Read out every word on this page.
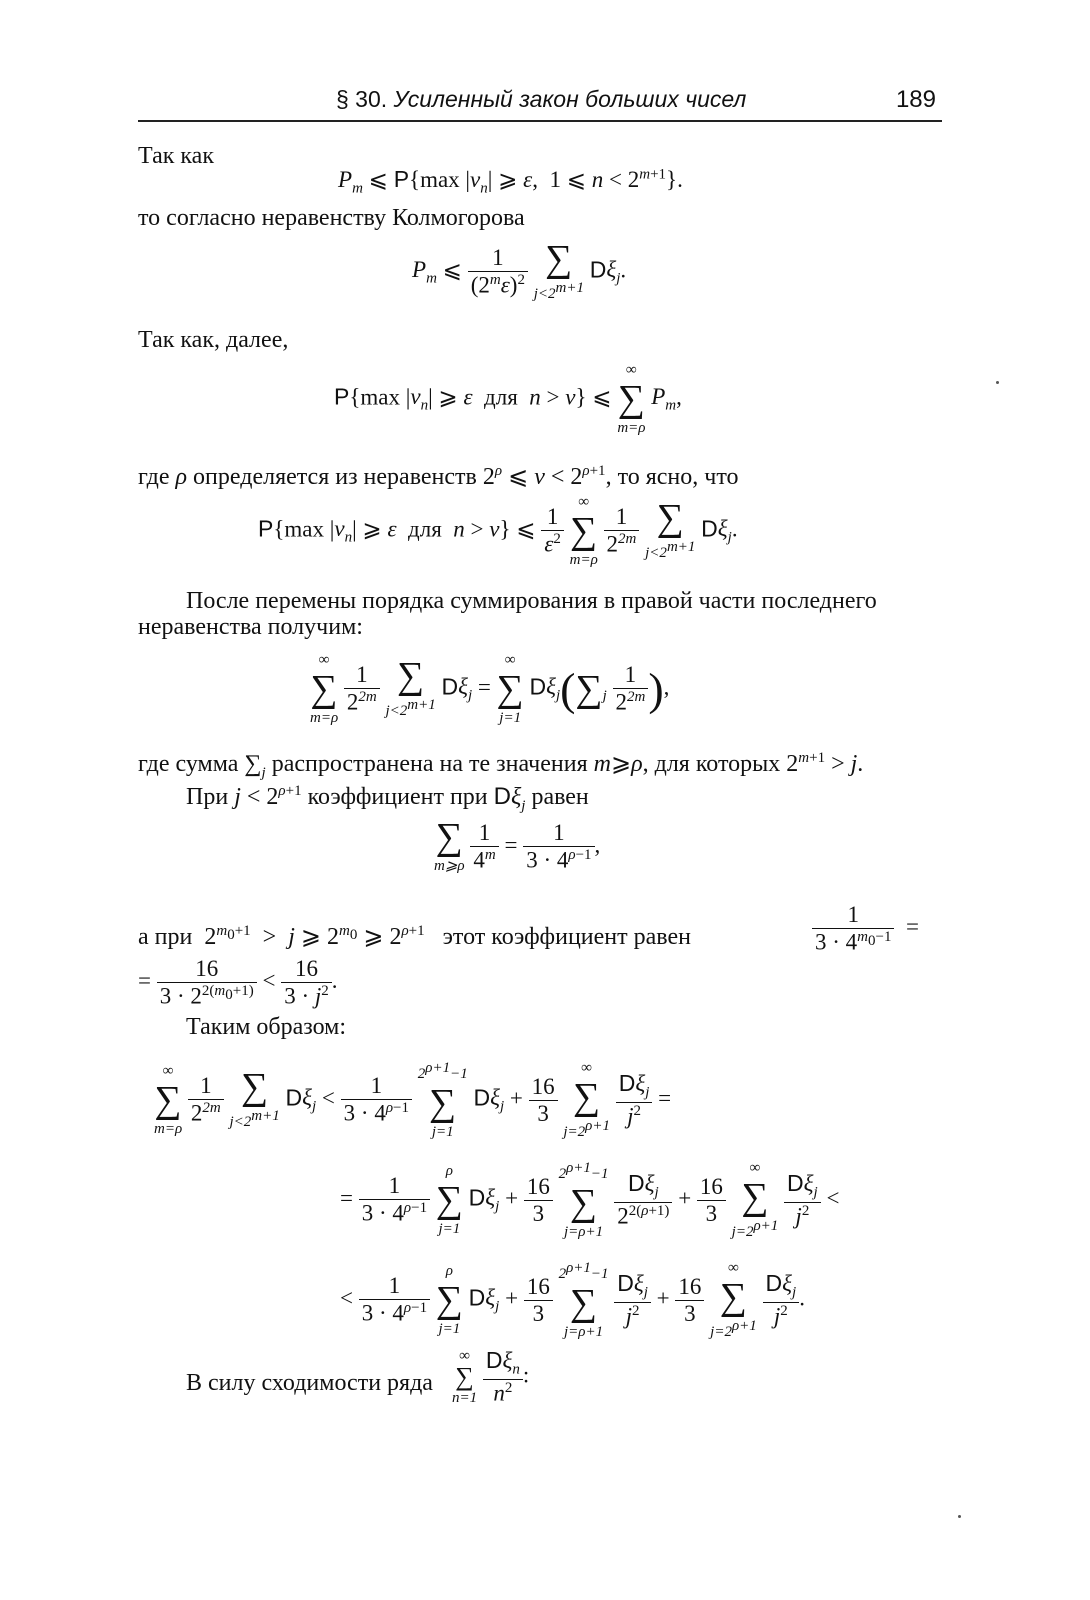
§ 30. Усиленный закон больших чисел	189
Так как
$P_m$ ⩽ P{max $|v_n|$ ⩾ ε,  1 ⩽ $n < 2^{m+1}$}.
то согласно неравенству Колмогорова
$P_m$ ⩽ $\frac{1}{(2^m\varepsilon)^2}$ ∑
$j<2^{m+1}$
$D\xi_j$.
Так как, далее,
P{max $|v_n|$ ⩾ ε для n > ν} ⩽
∞
∑
m=ρ
$P_m$,
где ρ определяется из неравенств $2^\rho$ ⩽ $\nu < 2^{\rho+1}$, то ясно, что
P{max $|v_n|$ ⩾ ε для n > ν} ⩽ $\frac{1}{\varepsilon^2}$

∞
∑
m=ρ

$\frac{1}{2^{2m}}$ ∑
$j<2^{m+1}$
$D\xi_j$.
После перемены порядка суммирования в правой части последнего
неравенства получим:
∞
∑
m=ρ

$\frac{1}{2^{2m}}$ ∑
$j<2^{m+1}$
$D\xi_j$ =
∞
∑
j=1
$D\xi_j(\sum_j \frac{1}{2^{2m}}$ ),
где сумма $\sum_j$ распространена на те значения m⩾ρ, для которых $2^{m+1} > j$.
При $j < 2^{\rho+1}$ коэффициент при $D\xi_j$ равен
∑
m⩾ρ
$\frac{1}{4^m} = \frac{1}{3 \cdot 4^{\rho-1}}$ ,
а при  $2^{m_0+1} > j$ ⩾ $2^{m_0}$ ⩾ $2^{\rho+1}$ этот коэффициент равен	$\frac{1}{3 \cdot 4^{m_0-1}}$ =
= $\frac{16}{3 \cdot 2^{2(m_0+1)}} < \frac{16}{3 \cdot j^2}$ .
Таким образом:
∞
∑
m=ρ

$\frac{1}{2^{2m}}$ ∑
$j<2^{m+1}$
$D\xi_j < \frac{1}{3 \cdot 4^{\rho-1}}$
$2^{\rho+1}-1$
∑
j=1
$D\xi_j + \frac{16}{3}$

∞
∑
$j=2^{\rho+1}$
$\frac{D\xi_j}{j^2}$ =
= $\frac{1}{3 \cdot 4^{\rho-1}}$

ρ
∑
j=1
$D\xi_j + \frac{16}{3}$
$2^{\rho+1}-1$
∑
j=ρ+1

$\frac{D\xi_j}{2^{2(\rho+1)}} + \frac{16}{3}$

∞
∑
$j=2^{\rho+1}$
$\frac{D\xi_j}{j^2}$ <
< $\frac{1}{3 \cdot 4^{\rho-1}}$

ρ
∑
j=1
$D\xi_j + \frac{16}{3}$
$2^{\rho+1}-1$
∑
j=ρ+1

$\frac{D\xi_j}{j^2} + \frac{16}{3}$

∞
∑
$j=2^{\rho+1}$
$\frac{D\xi_j}{j^2}$ .
В силу сходимости ряда
∞
∑
n=1
$\frac{D\xi_n}{n^2}$ :
